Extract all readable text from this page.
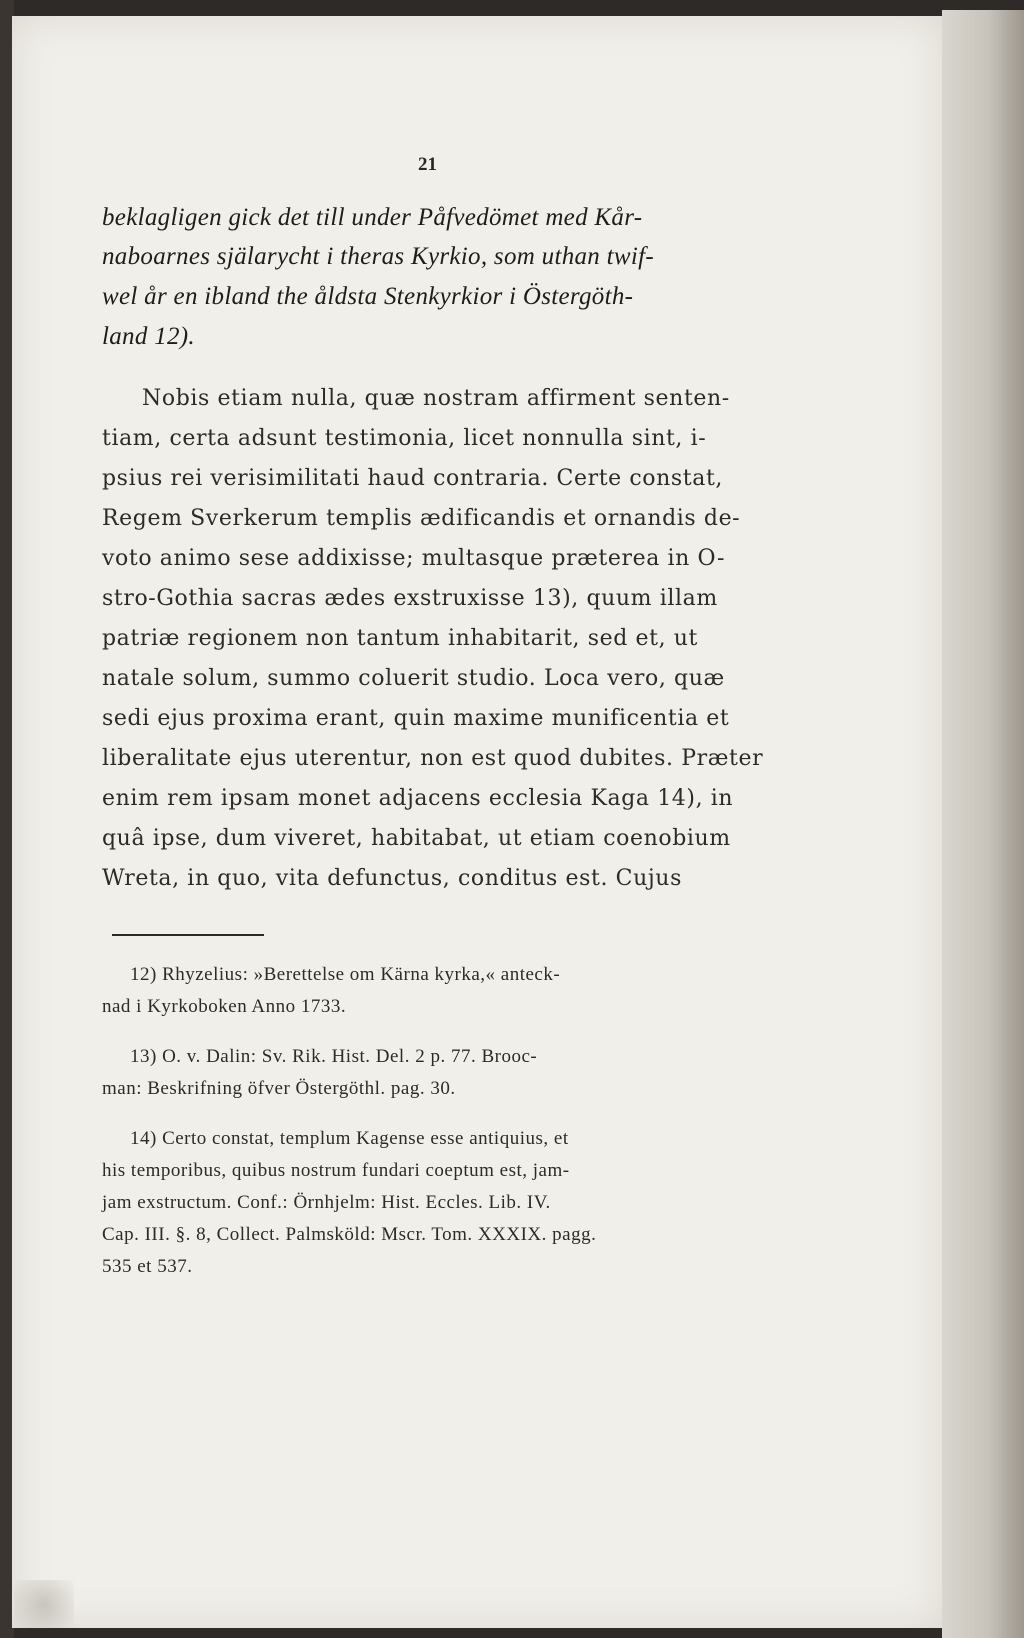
21
beklagligen gick det till under Påfvedömet med Kår-
naboarnes själarycht i theras Kyrkio, som uthan twif-
wel år en ibland the åldsta Stenkyrkior i Östergöth-
land 12).
Nobis etiam nulla, quæ nostram affirment senten-
tiam, certa adsunt testimonia, licet nonnulla sint, i-
psius rei verisimilitati haud contraria. Certe constat,
Regem Sverkerum templis ædificandis et ornandis de-
voto animo sese addixisse; multasque præterea in O-
stro-Gothia sacras ædes exstruxisse 13), quum illam
patriæ regionem non tantum inhabitarit, sed et, ut
natale solum, summo coluerit studio. Loca vero, quæ
sedi ejus proxima erant, quin maxime munificentia et
liberalitate ejus uterentur, non est quod dubites. Præter
enim rem ipsam monet adjacens ecclesia Kaga 14), in
quâ ipse, dum viveret, habitabat, ut etiam coenobium
Wreta, in quo, vita defunctus, conditus est. Cujus
12) Rhyzelius: »Berettelse om Kärna kyrka,« anteck-
nad i Kyrkoboken Anno 1733.
13) O. v. Dalin: Sv. Rik. Hist. Del. 2 p. 77. Brooc-
man: Beskrifning öfver Östergöthl. pag. 30.
14) Certo constat, templum Kagense esse antiquius, et
his temporibus, quibus nostrum fundari coeptum est, jam-
jam exstructum. Conf.: Örnhjelm: Hist. Eccles. Lib. IV.
Cap. III. §. 8, Collect. Palmsköld: Mscr. Tom. XXXIX. pagg.
535 et 537.
